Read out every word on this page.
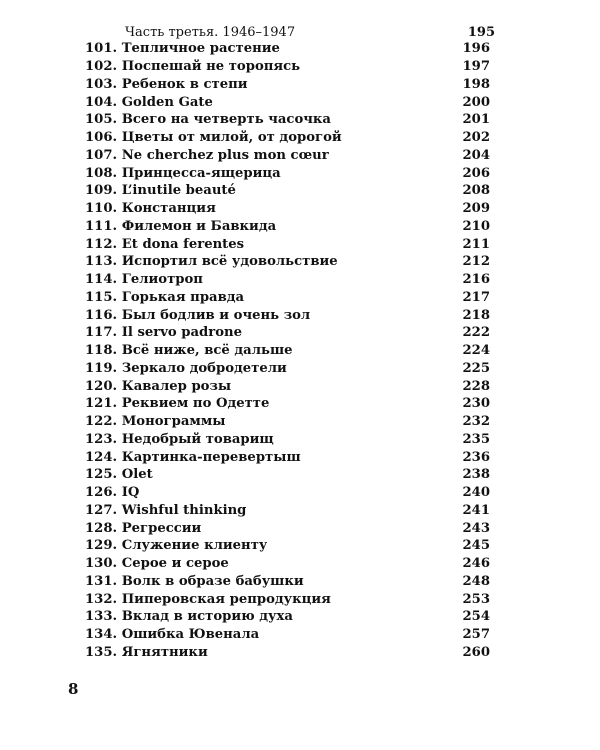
Часть третья. 1946–1947	195
101. Тепличное растение	196
102. Поспешай не торопясь	197
103. Ребенок в степи	198
104. Golden Gate	200
105. Всего на четверть часочка	201
106. Цветы от милой, от дорогой	202
107. Ne cherchez plus mon cœur	204
108. Принцесса-ящерица	206
109. L’inutile beauté	208
110. Констанция	209
111. Филемон и Бавкида	210
112. Et dona ferentes	211
113. Испортил всё удовольствие	212
114. Гелиотроп	216
115. Горькая правда	217
116. Был бодлив и очень зол	218
117. Il servo padrone	222
118. Всё ниже, всё дальше	224
119. Зеркало добродетели	225
120. Кавалер розы	228
121. Реквием по Одетте	230
122. Монограммы	232
123. Недобрый товарищ	235
124. Картинка-перевертыш	236
125. Olet	238
126. IQ	240
127. Wishful thinking	241
128. Регрессии	243
129. Служение клиенту	245
130. Серое и серое	246
131. Волк в образе бабушки	248
132. Пиперовская репродукция	253
133. Вклад в историю духа	254
134. Ошибка Ювенала	257
135. Ягнятники	260
8
